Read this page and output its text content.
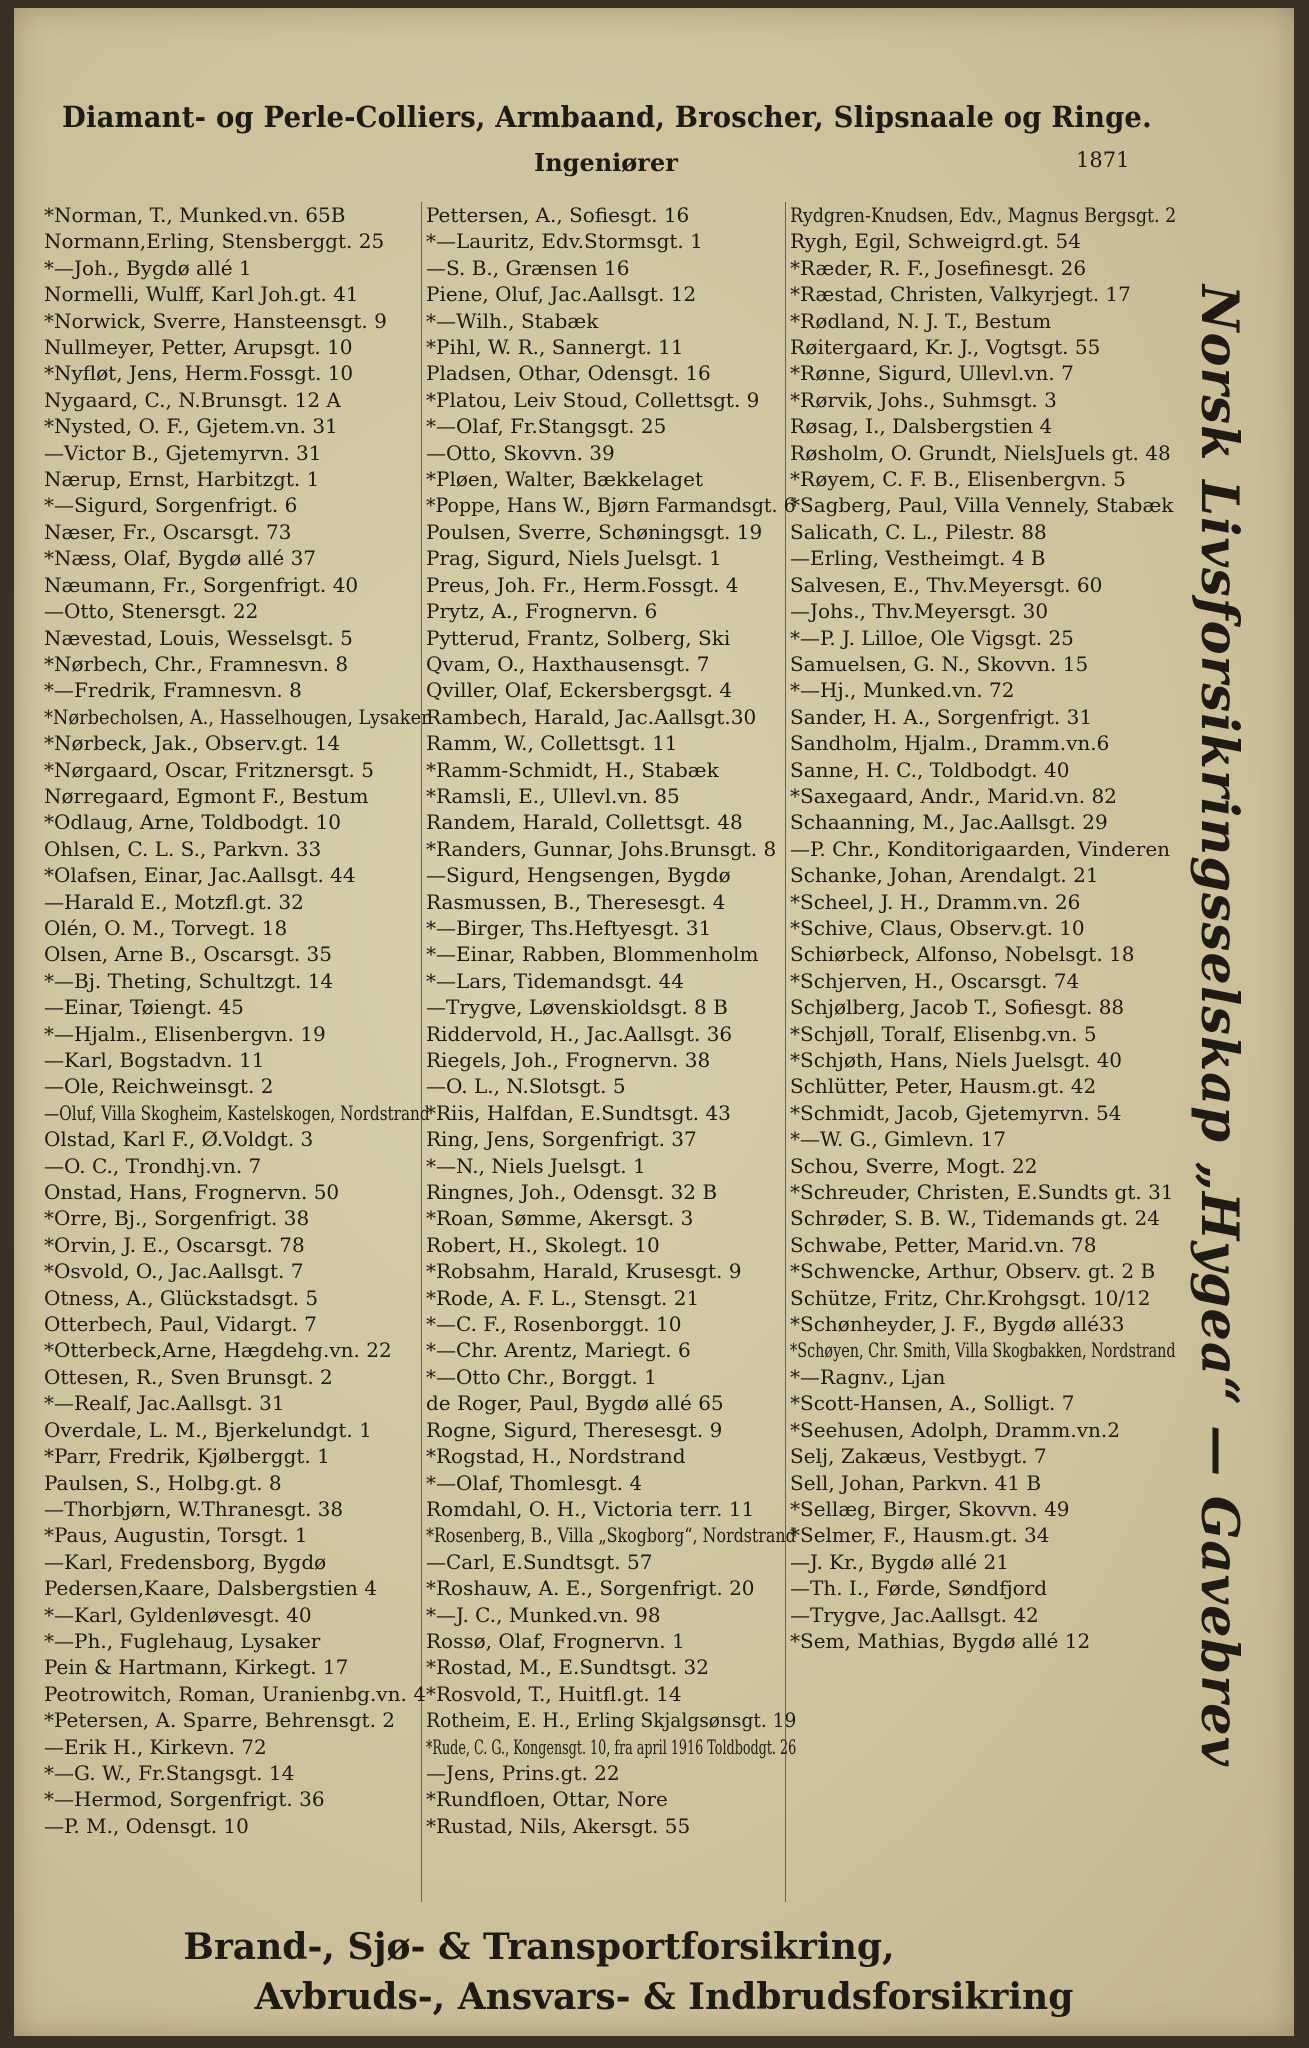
Diamant- og Perle-Colliers, Armbaand, Broscher, Slipsnaale og Ringe.
Ingeniører	1871
*Norman, T., Munked.vn. 65B
Normann,Erling, Stensberggt. 25
*—Joh., Bygdø allé 1
Normelli, Wulff, Karl Joh.gt. 41
*Norwick, Sverre, Hansteensgt. 9
Nullmeyer, Petter, Arupsgt. 10
*Nyfløt, Jens, Herm.Fossgt. 10
Nygaard, C., N.Brunsgt. 12 A
*Nysted, O. F., Gjetem.vn. 31
—Victor B., Gjetemyrvn. 31
Nærup, Ernst, Harbitzgt. 1
*—Sigurd, Sorgenfrigt. 6
Næser, Fr., Oscarsgt. 73
*Næss, Olaf, Bygdø allé 37
Næumann, Fr., Sorgenfrigt. 40
—Otto, Stenersgt. 22
Nævestad, Louis, Wesselsgt. 5
*Nørbech, Chr., Framnesvn. 8
*—Fredrik, Framnesvn. 8
*Nørbecholsen, A., Hasselhougen, Lysaker
*Nørbeck, Jak., Observ.gt. 14
*Nørgaard, Oscar, Fritznersgt. 5
Nørregaard, Egmont F., Bestum
*Odlaug, Arne, Toldbodgt. 10
Ohlsen, C. L. S., Parkvn. 33
*Olafsen, Einar, Jac.Aallsgt. 44
—Harald E., Motzfl.gt. 32
Olén, O. M., Torvegt. 18
Olsen, Arne B., Oscarsgt. 35
*—Bj. Theting, Schultzgt. 14
—Einar, Tøiengt. 45
*—Hjalm., Elisenbergvn. 19
—Karl, Bogstadvn. 11
—Ole, Reichweinsgt. 2
—Oluf, Villa Skogheim, Kastelskogen, Nordstrand
Olstad, Karl F., Ø.Voldgt. 3
—O. C., Trondhj.vn. 7
Onstad, Hans, Frognervn. 50
*Orre, Bj., Sorgenfrigt. 38
*Orvin, J. E., Oscarsgt. 78
*Osvold, O., Jac.Aallsgt. 7
Otness, A., Glückstadsgt. 5
Otterbech, Paul, Vidargt. 7
*Otterbeck,Arne, Hægdehg.vn. 22
Ottesen, R., Sven Brunsgt. 2
*—Realf, Jac.Aallsgt. 31
Overdale, L. M., Bjerkelundgt. 1
*Parr, Fredrik, Kjølberggt. 1
Paulsen, S., Holbg.gt. 8
—Thorbjørn, W.Thranesgt. 38
*Paus, Augustin, Torsgt. 1
—Karl, Fredensborg, Bygdø
Pedersen,Kaare, Dalsbergstien 4
*—Karl, Gyldenløvesgt. 40
*—Ph., Fuglehaug, Lysaker
Pein & Hartmann, Kirkegt. 17
Peotrowitch, Roman, Uranienbg.vn. 4
*Petersen, A. Sparre, Behrensgt. 2
—Erik H., Kirkevn. 72
*—G. W., Fr.Stangsgt. 14
*—Hermod, Sorgenfrigt. 36
—P. M., Odensgt. 10
Pettersen, A., Sofiesgt. 16
*—Lauritz, Edv.Stormsgt. 1
—S. B., Grænsen 16
Piene, Oluf, Jac.Aallsgt. 12
*—Wilh., Stabæk
*Pihl, W. R., Sannergt. 11
Pladsen, Othar, Odensgt. 16
*Platou, Leiv Stoud, Collettsgt. 9
*—Olaf, Fr.Stangsgt. 25
—Otto, Skovvn. 39
*Pløen, Walter, Bækkelaget
*Poppe, Hans W., Bjørn Farmandsgt. 6
Poulsen, Sverre, Schøningsgt. 19
Prag, Sigurd, Niels Juelsgt. 1
Preus, Joh. Fr., Herm.Fossgt. 4
Prytz, A., Frognervn. 6
Pytterud, Frantz, Solberg, Ski
Qvam, O., Haxthausensgt. 7
Qviller, Olaf, Eckersbergsgt. 4
Rambech, Harald, Jac.Aallsgt.30
Ramm, W., Collettsgt. 11
*Ramm-Schmidt, H., Stabæk
*Ramsli, E., Ullevl.vn. 85
Randem, Harald, Collettsgt. 48
*Randers, Gunnar, Johs.Brunsgt. 8
—Sigurd, Hengsengen, Bygdø
Rasmussen, B., Theresesgt. 4
*—Birger, Ths.Heftyesgt. 31
*—Einar, Rabben, Blommenholm
*—Lars, Tidemandsgt. 44
—Trygve, Løvenskioldsgt. 8 B
Riddervold, H., Jac.Aallsgt. 36
Riegels, Joh., Frognervn. 38
—O. L., N.Slotsgt. 5
*Riis, Halfdan, E.Sundtsgt. 43
Ring, Jens, Sorgenfrigt. 37
*—N., Niels Juelsgt. 1
Ringnes, Joh., Odensgt. 32 B
*Roan, Sømme, Akersgt. 3
Robert, H., Skolegt. 10
*Robsahm, Harald, Krusesgt. 9
*Rode, A. F. L., Stensgt. 21
*—C. F., Rosenborggt. 10
*—Chr. Arentz, Mariegt. 6
*—Otto Chr., Borggt. 1
de Roger, Paul, Bygdø allé 65
Rogne, Sigurd, Theresesgt. 9
*Rogstad, H., Nordstrand
*—Olaf, Thomlesgt. 4
Romdahl, O. H., Victoria terr. 11
*Rosenberg, B., Villa „Skogborg“, Nordstrand
—Carl, E.Sundtsgt. 57
*Roshauw, A. E., Sorgenfrigt. 20
*—J. C., Munked.vn. 98
Rossø, Olaf, Frognervn. 1
*Rostad, M., E.Sundtsgt. 32
*Rosvold, T., Huitfl.gt. 14
Rotheim, E. H., Erling Skjalgsønsgt. 19
*Rude, C. G., Kongensgt. 10, fra april 1916 Toldbodgt. 26
—Jens, Prins.gt. 22
*Rundfloen, Ottar, Nore
*Rustad, Nils, Akersgt. 55
Rydgren-Knudsen, Edv., Magnus Bergsgt. 2
Rygh, Egil, Schweigrd.gt. 54
*Ræder, R. F., Josefinesgt. 26
*Ræstad, Christen, Valkyrjegt. 17
*Rødland, N. J. T., Bestum
Røitergaard, Kr. J., Vogtsgt. 55
*Rønne, Sigurd, Ullevl.vn. 7
*Rørvik, Johs., Suhmsgt. 3
Røsag, I., Dalsbergstien 4
Røsholm, O. Grundt, NielsJuels gt. 48
*Røyem, C. F. B., Elisenbergvn. 5
*Sagberg, Paul, Villa Vennely, Stabæk
Salicath, C. L., Pilestr. 88
—Erling, Vestheimgt. 4 B
Salvesen, E., Thv.Meyersgt. 60
—Johs., Thv.Meyersgt. 30
*—P. J. Lilloe, Ole Vigsgt. 25
Samuelsen, G. N., Skovvn. 15
*—Hj., Munked.vn. 72
Sander, H. A., Sorgenfrigt. 31
Sandholm, Hjalm., Dramm.vn.6
Sanne, H. C., Toldbodgt. 40
*Saxegaard, Andr., Marid.vn. 82
Schaanning, M., Jac.Aallsgt. 29
—P. Chr., Konditorigaarden, Vinderen
Schanke, Johan, Arendalgt. 21
*Scheel, J. H., Dramm.vn. 26
*Schive, Claus, Observ.gt. 10
Schiørbeck, Alfonso, Nobelsgt. 18
*Schjerven, H., Oscarsgt. 74
Schjølberg, Jacob T., Sofiesgt. 88
*Schjøll, Toralf, Elisenbg.vn. 5
*Schjøth, Hans, Niels Juelsgt. 40
Schlütter, Peter, Hausm.gt. 42
*Schmidt, Jacob, Gjetemyrvn. 54
*—W. G., Gimlevn. 17
Schou, Sverre, Mogt. 22
*Schreuder, Christen, E.Sundts gt. 31
Schrøder, S. B. W., Tidemands gt. 24
Schwabe, Petter, Marid.vn. 78
*Schwencke, Arthur, Observ. gt. 2 B
Schütze, Fritz, Chr.Krohgsgt. 10/12
*Schønheyder, J. F., Bygdø allé33
*Schøyen, Chr. Smith, Villa Skogbakken, Nordstrand
*—Ragnv., Ljan
*Scott-Hansen, A., Solligt. 7
*Seehusen, Adolph, Dramm.vn.2
Selj, Zakæus, Vestbygt. 7
Sell, Johan, Parkvn. 41 B
*Sellæg, Birger, Skovvn. 49
*Selmer, F., Hausm.gt. 34
—J. Kr., Bygdø allé 21
—Th. I., Førde, Søndfjord
—Trygve, Jac.Aallsgt. 42
*Sem, Mathias, Bygdø allé 12	Norsk Livsforsikringsselskap „Hygea“ — Gavebrev
Brand-, Sjø- & Transportforsikring,
Avbruds-, Ansvars- & Indbrudsforsikring
